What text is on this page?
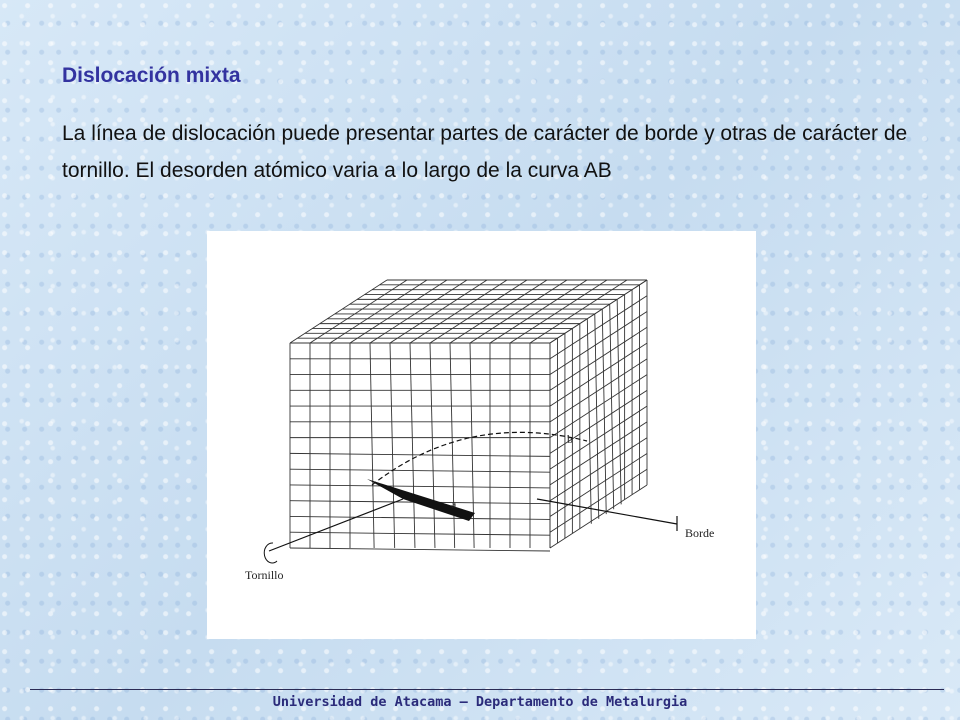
Dislocación mixta

La línea de dislocación puede presentar partes de carácter de borde y otras de carácter de tornillo. El desorden atómico varia a lo largo de la curva AB

b
a
Tornillo
Borde
Universidad de Atacama – Departamento de Metalurgia
